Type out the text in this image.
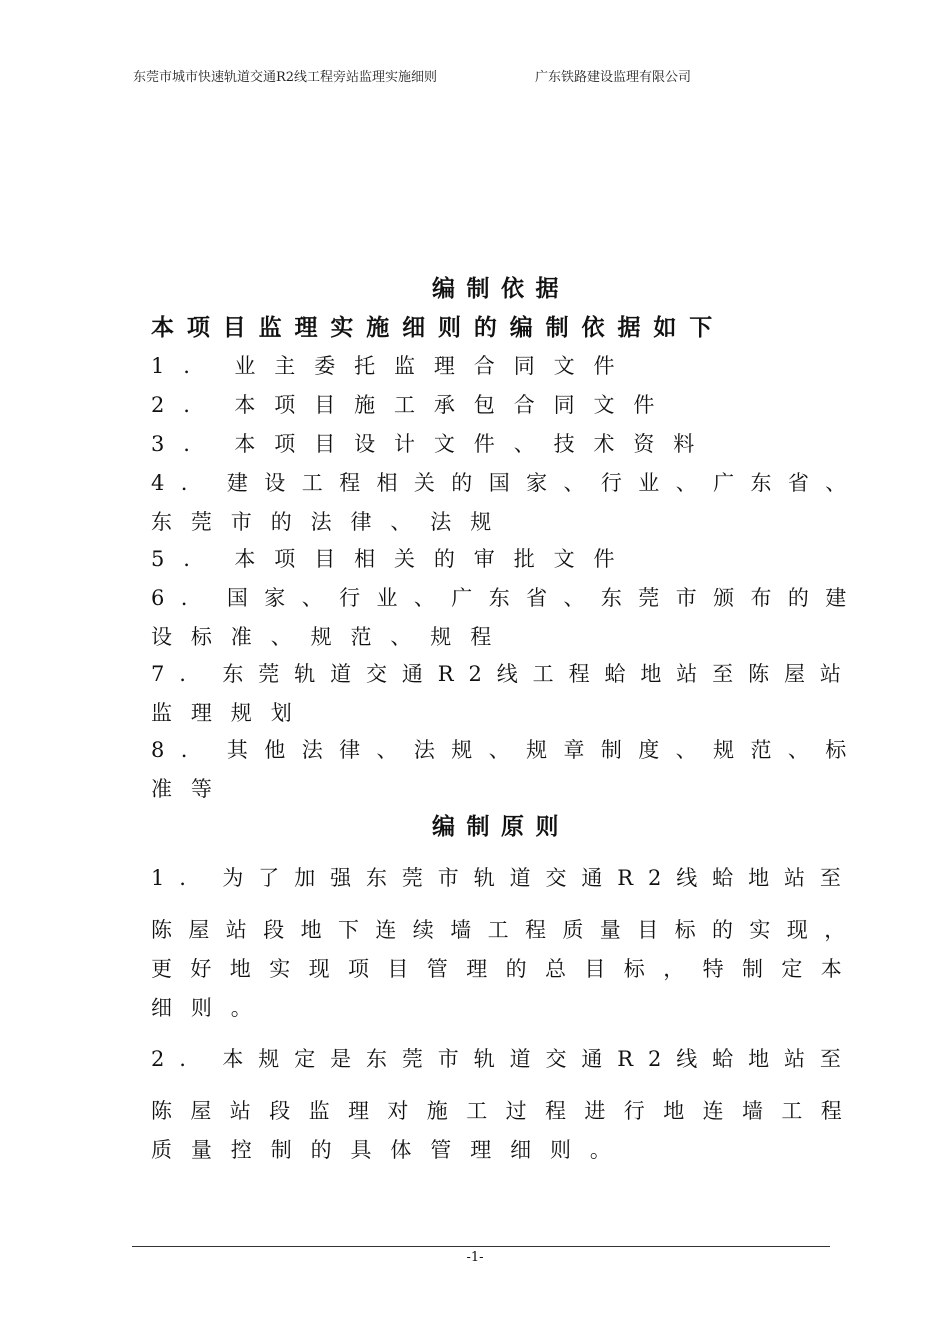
东莞市城市快速轨道交通R2线工程旁站监理实施细则	广东铁路建设监理有限公司
编制依据
本项目监理实施细则的编制依据如下
1. 业主委托监理合同文件
2. 本项目施工承包合同文件
3. 本项目设计文件、技术资料
4. 建设工程相关的国家、行业、广东省、
东莞市的法律、法规
5. 本项目相关的审批文件
6. 国家、行业、广东省、东莞市颁布的建
设标准、规范、规程
7. 东莞轨道交通R2线工程蛤地站至陈屋站
监理规划
8. 其他法律、法规、规章制度、规范、标
准等
编制原则
1. 为了加强东莞市轨道交通R2线蛤地站至
陈屋站段地下连续墙工程质量目标的实现，
更好地实现项目管理的总目标，特制定本
细则。
2. 本规定是东莞市轨道交通R2线蛤地站至
陈屋站段监理对施工过程进行地连墙工程
质量控制的具体管理细则。
-1-
